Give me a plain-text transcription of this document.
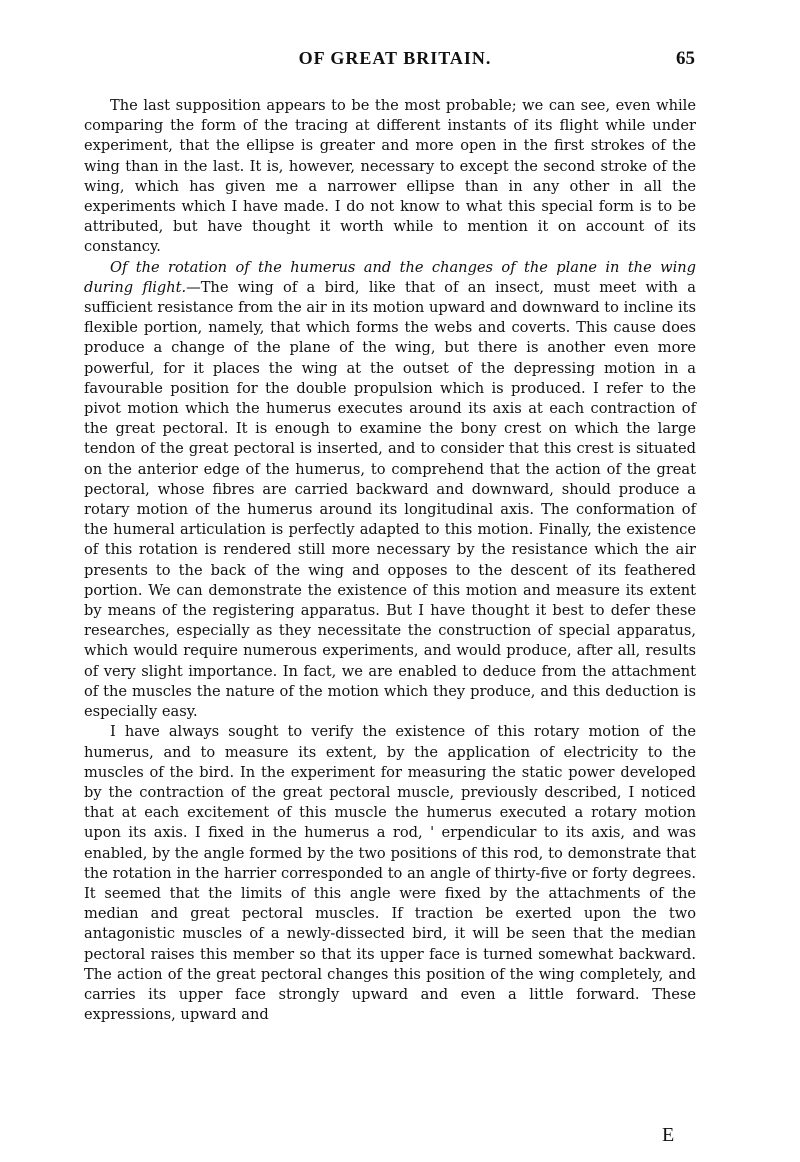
OF GREAT BRITAIN.	65

The last supposition appears to be the most probable; we can see, even while comparing the form of the tracing at different instants of its flight while under experiment, that the ellipse is greater and more open in the first strokes of the wing than in the last. It is, however, necessary to except the second stroke of the wing, which has given me a narrower ellipse than in any other in all the experiments which I have made. I do not know to what this special form is to be attributed, but have thought it worth while to mention it on account of its constancy.

Of the rotation of the humerus and the changes of the plane in the wing during flight.—The wing of a bird, like that of an insect, must meet with a sufficient resistance from the air in its motion upward and downward to incline its flexible portion, namely, that which forms the webs and coverts. This cause does produce a change of the plane of the wing, but there is another even more powerful, for it places the wing at the outset of the depressing motion in a favourable position for the double propulsion which is produced. I refer to the pivot motion which the humerus executes around its axis at each contraction of the great pectoral. It is enough to examine the bony crest on which the large tendon of the great pectoral is inserted, and to consider that this crest is situated on the anterior edge of the humerus, to comprehend that the action of the great pectoral, whose fibres are carried backward and downward, should produce a rotary motion of the humerus around its longitudinal axis. The conformation of the humeral articulation is perfectly adapted to this motion. Finally, the existence of this rotation is rendered still more necessary by the resistance which the air presents to the back of the wing and opposes to the descent of its feathered portion. We can demonstrate the existence of this motion and measure its extent by means of the registering apparatus. But I have thought it best to defer these researches, especially as they necessitate the construction of special apparatus, which would require numerous experiments, and would produce, after all, results of very slight importance. In fact, we are enabled to deduce from the attachment of the muscles the nature of the motion which they produce, and this deduction is especially easy.

I have always sought to verify the existence of this rotary motion of the humerus, and to measure its extent, by the application of electricity to the muscles of the bird. In the experiment for measuring the static power developed by the contraction of the great pectoral muscle, previously described, I noticed that at each excitement of this muscle the humerus executed a rotary motion upon its axis. I fixed in the humerus a rod, ' erpendicular to its axis, and was enabled, by the angle formed by the two positions of this rod, to demonstrate that the rotation in the harrier corresponded to an angle of thirty-five or forty degrees. It seemed that the limits of this angle were fixed by the attachments of the median and great pectoral muscles. If traction be exerted upon the two antagonistic muscles of a newly-dissected bird, it will be seen that the median pectoral raises this member so that its upper face is turned somewhat backward. The action of the great pectoral changes this position of the wing completely, and carries its upper face strongly upward and even a little forward. These expressions, upward and

E
